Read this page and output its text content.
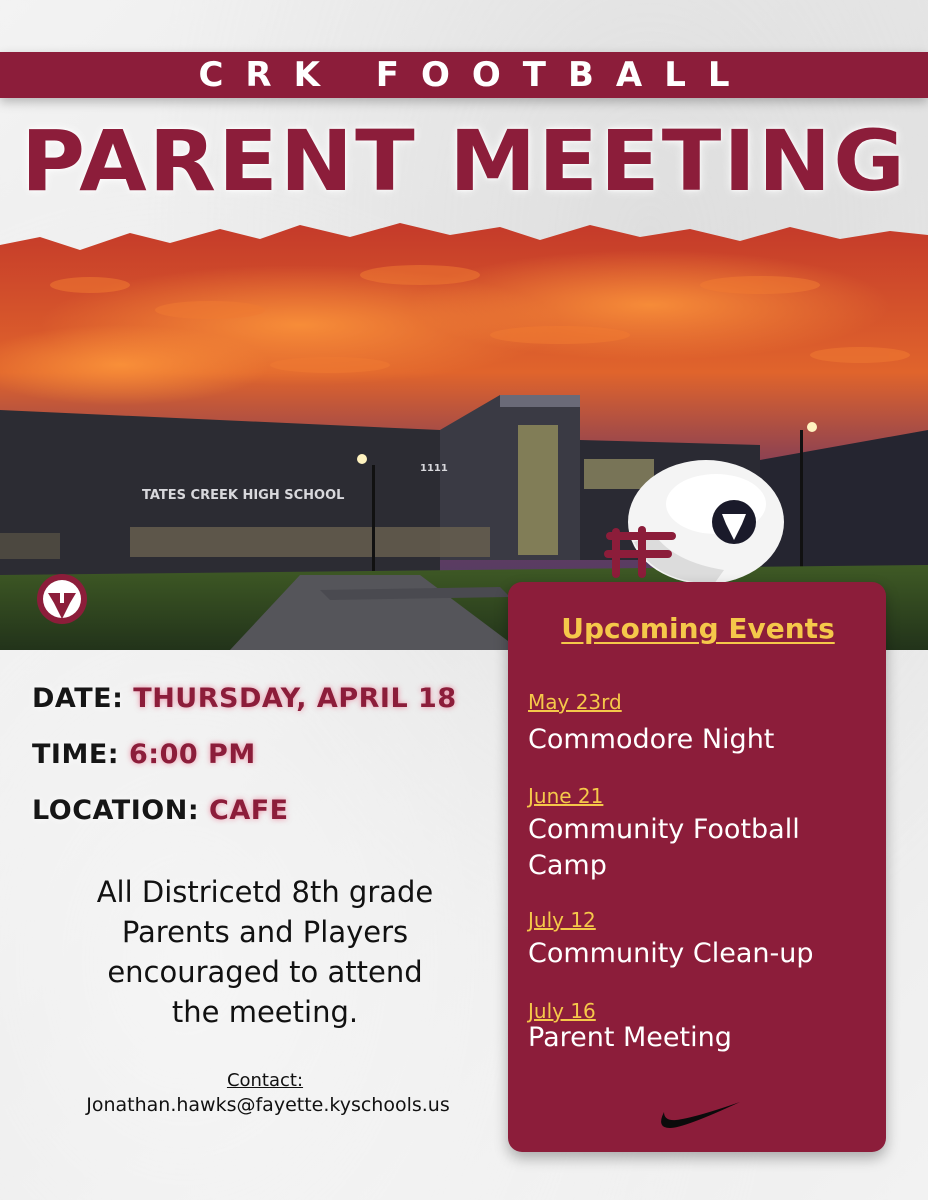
CRK FOOTBALL
PARENT MEETING
TATES CREEK HIGH SCHOOL
1111
DATE: THURSDAY, APRIL 18
TIME: 6:00 PM
LOCATION: CAFE
All Districetd 8th grade
Parents and Players
encouraged to attend
the meeting.
Contact:
Jonathan.hawks@fayette.kyschools.us
Upcoming Events
May 23rd
Commodore Night
June 21
Community Football Camp
July 12
Community Clean-up
July 16
Parent Meeting
